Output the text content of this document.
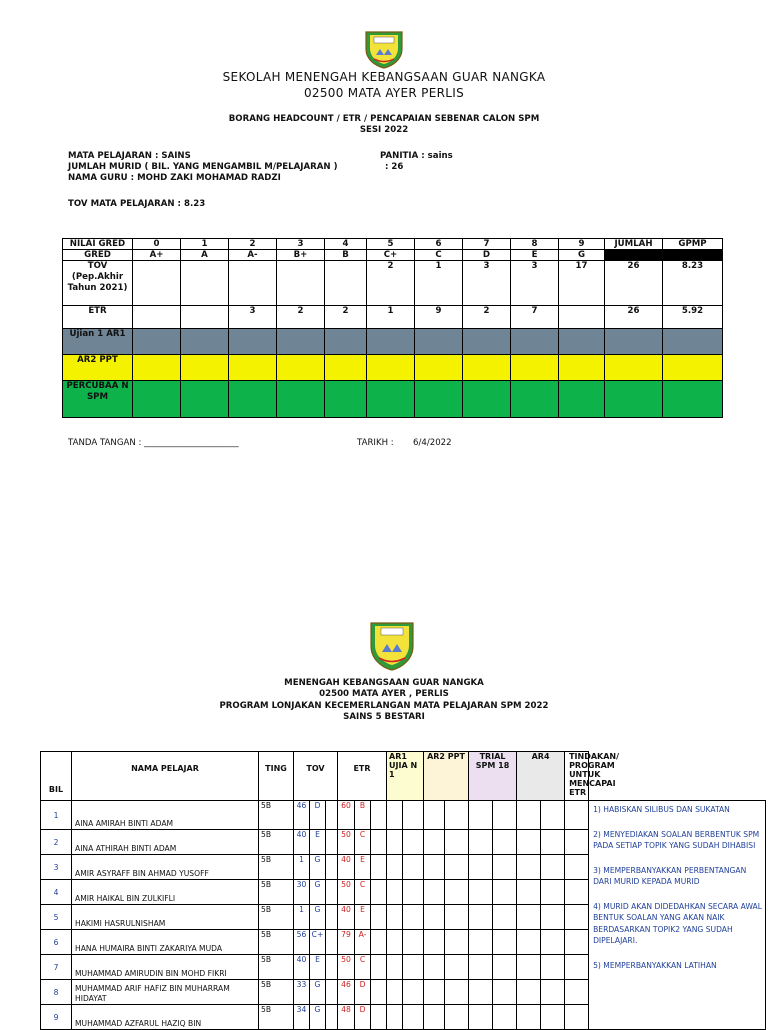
SEKOLAH MENENGAH KEBANGSAAN GUAR NANGKA
02500 MATA AYER PERLIS
BORANG HEADCOUNT / ETR / PENCAPAIAN SEBENAR CALON SPM
SESI 2022
MATA PELAJARAN : SAINS	PANITIA : sains
JUMLAH MURID ( BIL. YANG MENGAMBIL M/PELAJARAN )	: 26
NAMA GURU : MOHD ZAKI MOHAMAD RADZI
TOV MATA PELAJARAN : 8.23
NILAI GRED	0	1	2	3	4	5	6	7	8	9	JUMLAH	GPMP
GRED	A+	A	A-	B+	B	C+	C	D	E	G		
TOV (Pep.Akhir Tahun 2021)						2	1	3	3	17	26	8.23
ETR			3	2	2	1	9	2	7		26	5.92
Ujian 1 AR1												
AR2 PPT												
PERCUBAA N SPM												
TANDA TANGAN : ______________________	TARIKH : 6/4/2022
MENENGAH KEBANGSAAN GUAR NANGKA
02500 MATA AYER , PERLIS
PROGRAM LONJAKAN KECEMERLANGAN MATA PELAJARAN SPM 2022
SAINS 5 BESTARI
BIL	NAMA PELAJAR	TING	TOV			ETR			AR1 UJIA N 1		AR2 PPT		TRIAL SPM 18		AR4		TINDAKAN/ PROGRAM UNTUK MENCAPAI ETR	
1	AINA AMIRAH BINTI ADAM	5B	46	D		60	B											1) HABISKAN SILIBUS DAN SUKATAN

2) MENYEDIAKAN SOALAN BERBENTUK SPM PADA SETIAP TOPIK YANG SUDAH DIHABISI

3) MEMPERBANYAKKAN PERBENTANGAN DARI MURID KEPADA MURID

4) MURID AKAN DIDEDAHKAN SECARA AWAL BENTUK SOALAN YANG AKAN NAIK BERDASARKAN TOPIK2 YANG SUDAH DIPELAJARI.

5) MEMPERBANYAKKAN LATIHAN

2	AINA ATHIRAH BINTI ADAM	5B	40	E		50	C											
3	AMIR ASYRAFF BIN AHMAD YUSOFF	5B	1	G		40	E											
4	AMIR HAIKAL BIN ZULKIFLI	5B	30	G		50	C											
5	HAKIMI HASRULNISHAM	5B	1	G		40	E											
6	HANA HUMAIRA BINTI ZAKARIYA MUDA	5B	56	C+		79	A-											
7	MUHAMMAD AMIRUDIN BIN MOHD FIKRI	5B	40	E		50	C											
8	MUHAMMAD ARIF HAFIZ BIN MUHARRAM HIDAYAT	5B	33	G		46	D											
9	MUHAMMAD AZFARUL HAZIQ BIN	5B	34	G		48	D											
